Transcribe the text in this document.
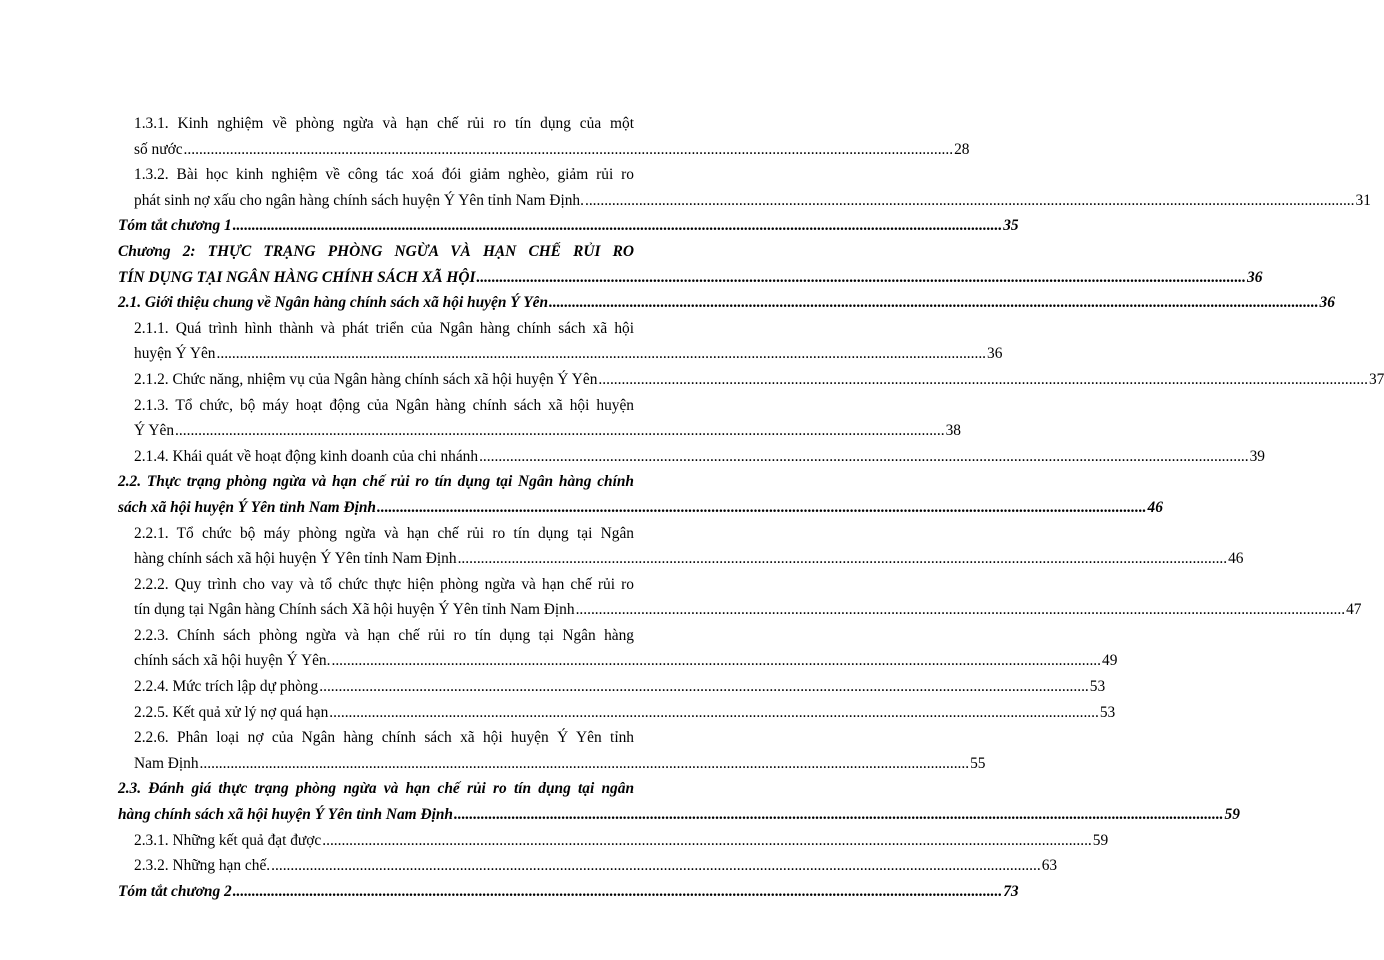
1.3.1. Kinh nghiệm về phòng ngừa và hạn chế rủi ro tín dụng của một
số nước ........................................................................................................................................................................................................ 28
1.3.2. Bài học kinh nghiệm về công tác xoá đói giảm nghèo, giảm rủi ro
phát sinh nợ xấu cho ngân hàng chính sách huyện Ý Yên tỉnh Nam Định. ........................................................................................................................................................................................................ 31
Tóm tắt chương 1 ........................................................................................................................................................................................................ 35
Chương 2: THỰC TRẠNG PHÒNG NGỪA VÀ HẠN CHẾ RỦI RO
TÍN DỤNG TẠI NGÂN HÀNG CHÍNH SÁCH XÃ HỘI ........................................................................................................................................................................................................ 36
2.1. Giới thiệu chung về Ngân hàng chính sách xã hội huyện Ý Yên ........................................................................................................................................................................................................ 36
2.1.1. Quá trình hình thành và phát triển của Ngân hàng chính sách xã hội
huyện Ý Yên ........................................................................................................................................................................................................ 36
2.1.2. Chức năng, nhiệm vụ của Ngân hàng chính sách xã hội huyện Ý Yên ........................................................................................................................................................................................................ 37
2.1.3. Tổ chức, bộ máy hoạt động của Ngân hàng chính sách xã hội huyện
Ý Yên ........................................................................................................................................................................................................ 38
2.1.4. Khái quát về hoạt động kinh doanh của chi nhánh ........................................................................................................................................................................................................ 39
2.2. Thực trạng phòng ngừa và hạn chế rủi ro tín dụng tại Ngân hàng chính
sách xã hội huyện Ý Yên tỉnh Nam Định ........................................................................................................................................................................................................ 46
2.2.1. Tổ chức bộ máy phòng ngừa và hạn chế rủi ro tín dụng tại Ngân
hàng chính sách xã hội huyện Ý Yên tỉnh Nam Định ........................................................................................................................................................................................................ 46
2.2.2. Quy trình cho vay và tổ chức thực hiện phòng ngừa và hạn chế rủi ro
tín dụng tại Ngân hàng Chính sách Xã hội huyện Ý Yên tỉnh Nam Định ........................................................................................................................................................................................................ 47
2.2.3. Chính sách phòng ngừa và hạn chế rủi ro tín dụng tại Ngân hàng
chính sách xã hội huyện Ý Yên. ........................................................................................................................................................................................................ 49
2.2.4. Mức trích lập dự phòng ........................................................................................................................................................................................................ 53
2.2.5. Kết quả xử lý nợ quá hạn ........................................................................................................................................................................................................ 53
2.2.6. Phân loại nợ của Ngân hàng chính sách xã hội huyện Ý Yên tỉnh
Nam Định ........................................................................................................................................................................................................ 55
2.3. Đánh giá thực trạng phòng ngừa và hạn chế rủi ro tín dụng tại ngân
hàng chính sách xã hội huyện Ý Yên tỉnh Nam Định ........................................................................................................................................................................................................ 59
2.3.1. Những kết quả đạt được ........................................................................................................................................................................................................ 59
2.3.2. Những hạn chế. ........................................................................................................................................................................................................ 63
Tóm tắt chương 2 ........................................................................................................................................................................................................ 73
